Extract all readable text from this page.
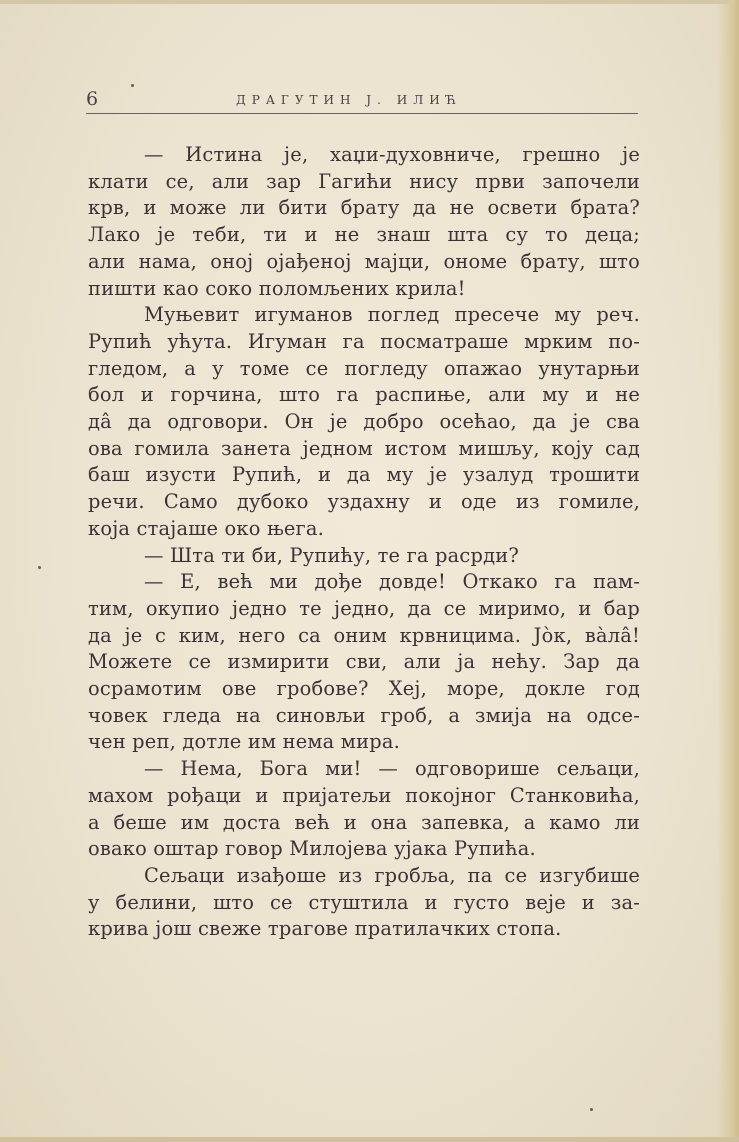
6	ДРАГУТИН Ј. ИЛИЋ

— Истина је, хаџи-духовниче, грешно је

клати се, али зар Гагићи нису први започели

крв, и може ли бити брату да не освети брата?

Лако је теби, ти и не знаш шта су то деца;

али нама, оној ојађеној мајци, ономе брату, што

пишти као соко поломљених крила!

Муњевит игуманов поглед пресече му реч.

Рупић ућута. Игуман га посматраше мрким по-

гледом, а у томе се погледу опажао унутарњи

бол и горчина, што га распиње, али му и не

да̂ да одговори. Он је добро осећао, да је сва

ова гомила занета једном истом мишљу, коју сад

баш изусти Рупић, и да му је узалуд трошити

речи. Само дубоко уздахну и оде из гомиле,

која стајаше око њега.

— Шта ти би, Рупићу, те га расрди?

— Е, већ ми дође довде! Откако га пам-

тим, окупио једно те једно, да се миримо, и бар

да је с ким, него са оним крвницима. Jòк, ва̀ла̂!

Можете се измирити сви, али ја нећу. Зар да

осрамотим ове гробове? Хеј, море, докле год

човек гледа на синовљи гроб, а змија на одсе-

чен реп, дотле им нема мира.

— Нема, Бога ми! — одговорише сељаци,

махом рођаци и пријатељи покојног Станковића,

а беше им доста већ и она запевка, а камо ли

овако оштар говор Милојева ујака Рупића.

Сељаци изађоше из гробља, па се изгубише

у белини, што се стуштила и густо веје и за-

крива још свеже трагове пратилачких стопа.
